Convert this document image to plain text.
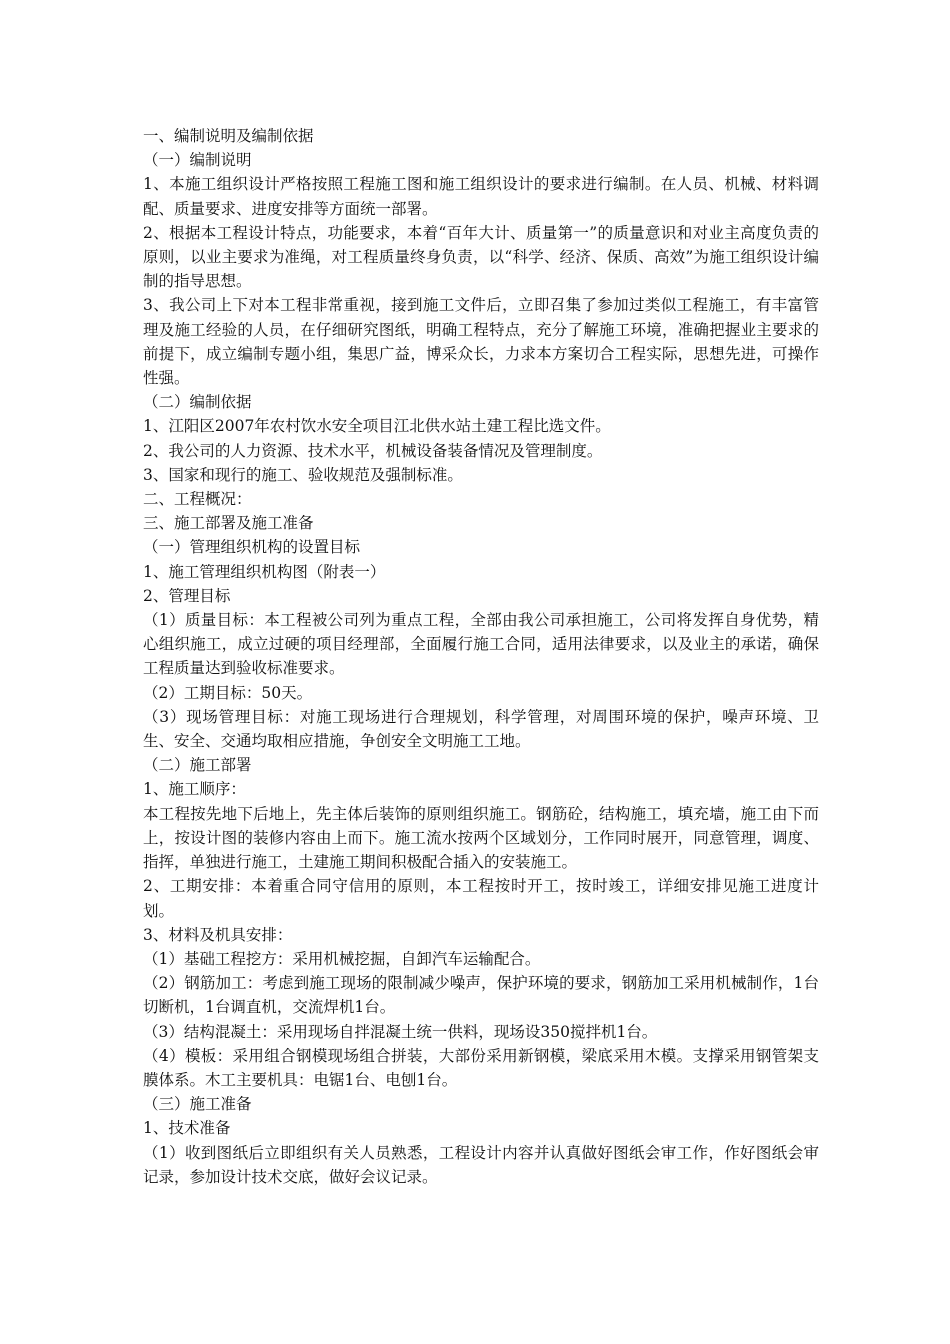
一、编制说明及编制依据

（一）编制说明

1、本施工组织设计严格按照工程施工图和施工组织设计的要求进行编制。在人员、机械、材料调配、质量要求、进度安排等方面统一部署。

2、根据本工程设计特点，功能要求，本着“百年大计、质量第一”的质量意识和对业主高度负责的原则，以业主要求为准绳，对工程质量终身负责，以“科学、经济、保质、高效”为施工组织设计编制的指导思想。

3、我公司上下对本工程非常重视，接到施工文件后，立即召集了参加过类似工程施工，有丰富管理及施工经验的人员，在仔细研究图纸，明确工程特点，充分了解施工环境，准确把握业主要求的前提下，成立编制专题小组，集思广益，博采众长，力求本方案切合工程实际，思想先进，可操作性强。

（二）编制依据

1、江阳区2007年农村饮水安全项目江北供水站土建工程比选文件。

2、我公司的人力资源、技术水平，机械设备装备情况及管理制度。

3、国家和现行的施工、验收规范及强制标准。

二、工程概况：

三、施工部署及施工准备

（一）管理组织机构的设置目标

1、施工管理组织机构图（附表一）

2、管理目标

（1）质量目标：本工程被公司列为重点工程，全部由我公司承担施工，公司将发挥自身优势，精心组织施工，成立过硬的项目经理部，全面履行施工合同，适用法律要求，以及业主的承诺，确保工程质量达到验收标准要求。

（2）工期目标：50天。

（3）现场管理目标：对施工现场进行合理规划，科学管理，对周围环境的保护，噪声环境、卫生、安全、交通均取相应措施，争创安全文明施工工地。

（二）施工部署

1、施工顺序：

本工程按先地下后地上，先主体后装饰的原则组织施工。钢筋砼，结构施工，填充墙，施工由下而上，按设计图的装修内容由上而下。施工流水按两个区域划分，工作同时展开，同意管理，调度、指挥，单独进行施工，土建施工期间积极配合插入的安装施工。

2、工期安排：本着重合同守信用的原则，本工程按时开工，按时竣工，详细安排见施工进度计划。

3、材料及机具安排：

（1）基础工程挖方：采用机械挖掘，自卸汽车运输配合。

（2）钢筋加工：考虑到施工现场的限制减少噪声，保护环境的要求，钢筋加工采用机械制作，1台切断机，1台调直机，交流焊机1台。

（3）结构混凝土：采用现场自拌混凝土统一供料，现场设350搅拌机1台。

（4）模板：采用组合钢模现场组合拼装，大部份采用新钢模，梁底采用木模。支撑采用钢管架支膜体系。木工主要机具：电锯1台、电刨1台。

（三）施工准备

1、技术准备

（1）收到图纸后立即组织有关人员熟悉，工程设计内容并认真做好图纸会审工作，作好图纸会审记录，参加设计技术交底，做好会议记录。
